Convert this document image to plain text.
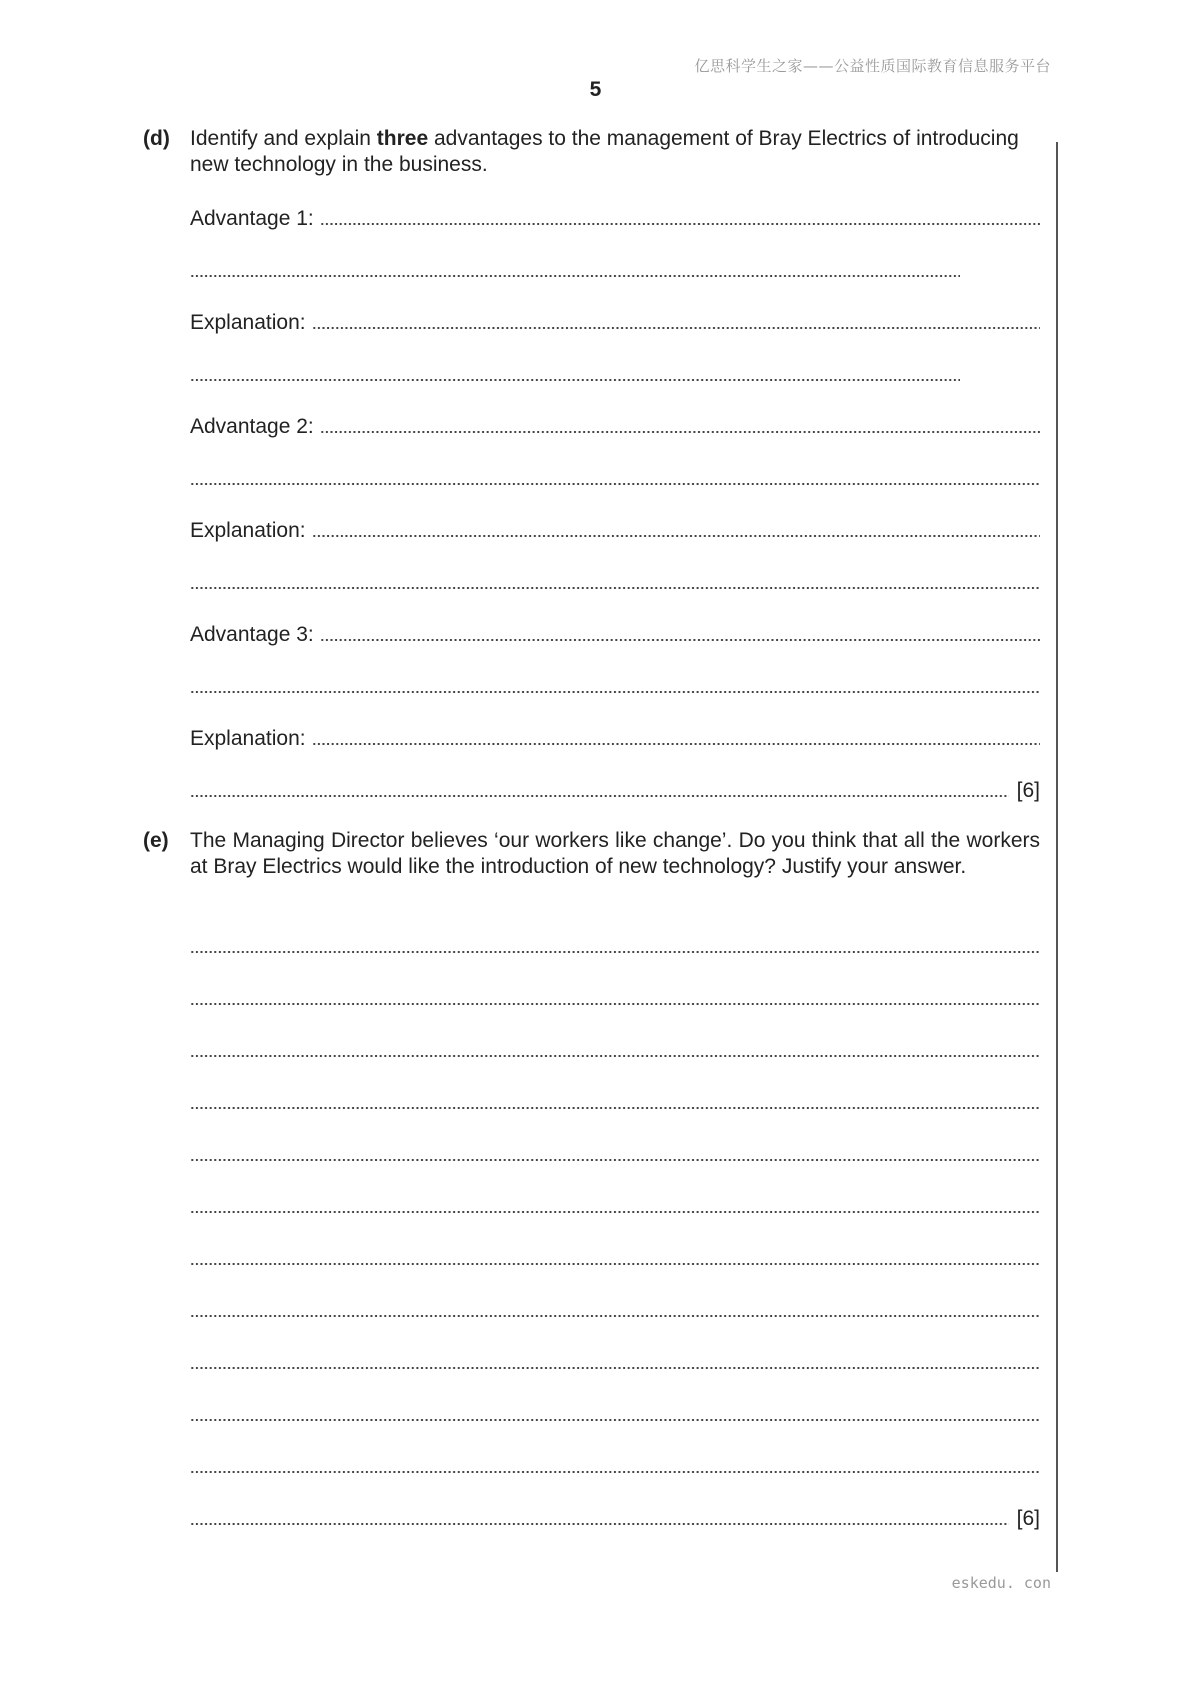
亿思科学生之家——公益性质国际教育信息服务平台
5
(d) Identify and explain three advantages to the management of Bray Electrics of introducing new technology in the business.
Advantage 1:
Explanation:
Advantage 2:
Explanation:
Advantage 3:
Explanation:
[6]
(e) The Managing Director believes ‘our workers like change’. Do you think that all the workers at Bray Electrics would like the introduction of new technology? Justify your answer.
[6]
eskedu. con
